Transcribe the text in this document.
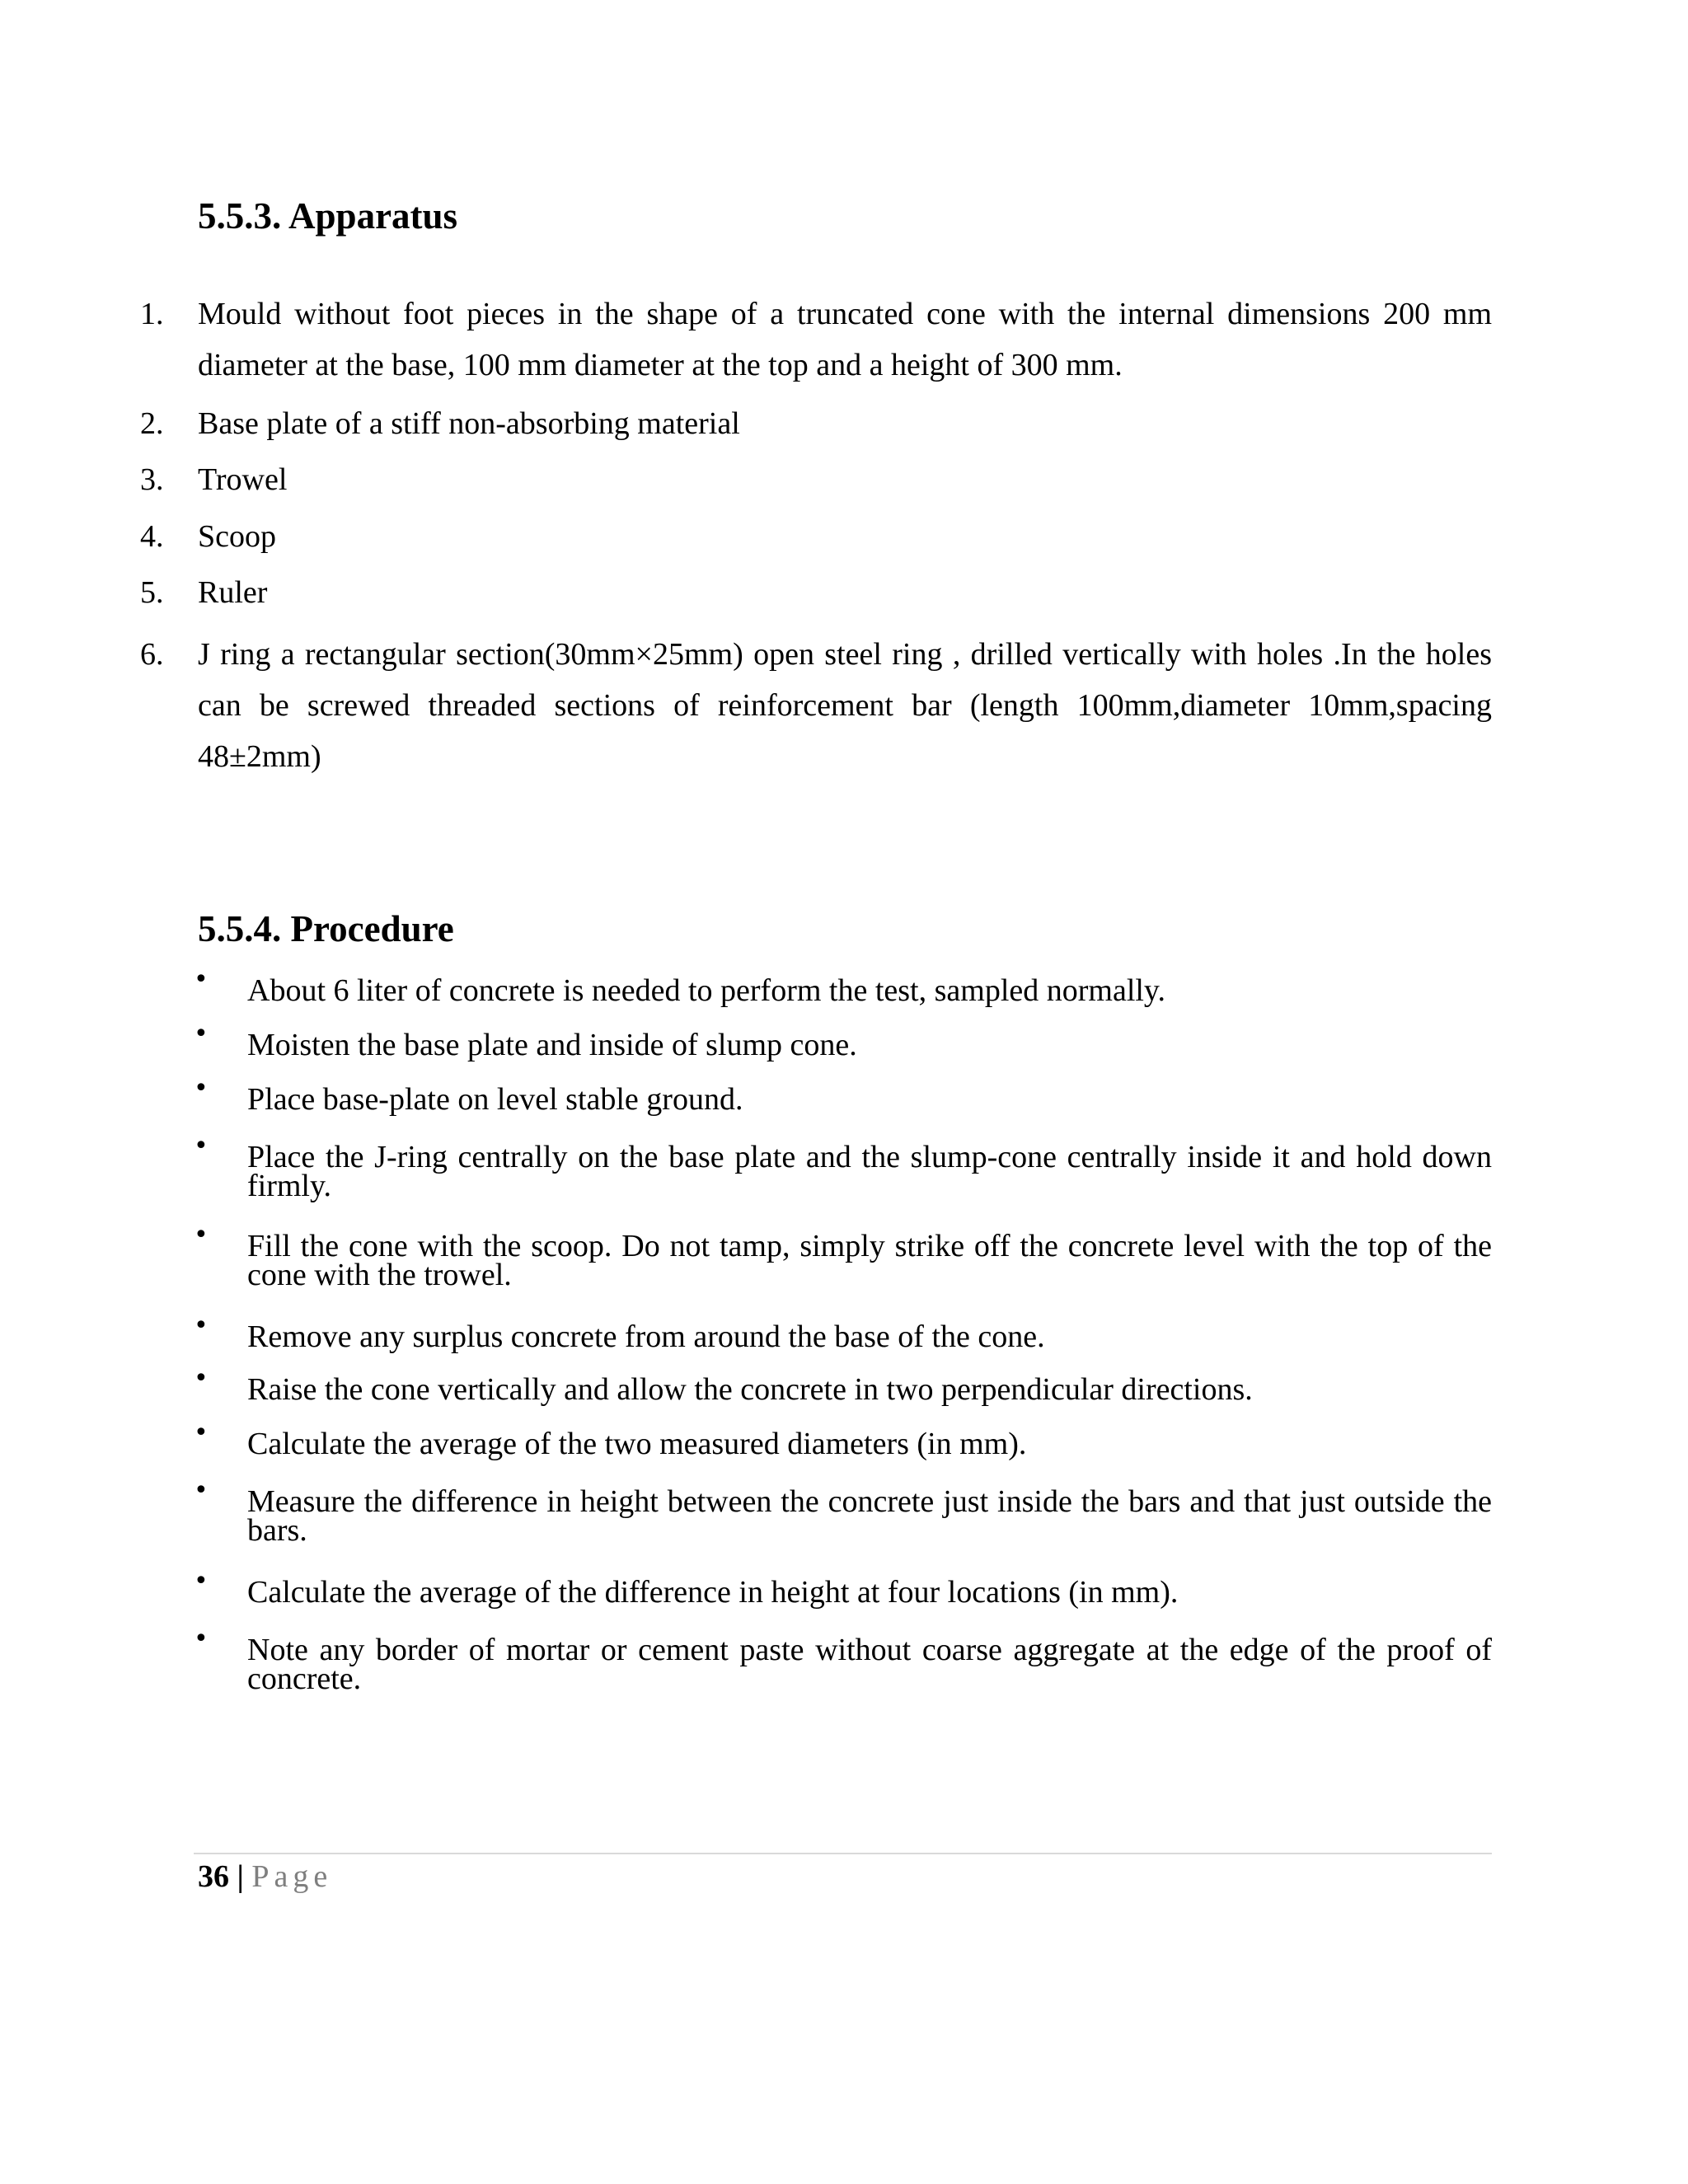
5.5.3. Apparatus
1.	Mould without foot pieces in the shape of a truncated cone with the internal dimensions 200 mm diameter at the base, 100 mm diameter at the top and a height of 300 mm.
2.	Base plate of a stiff non-absorbing material
3.	Trowel
4.	Scoop
5.	Ruler
6.	J ring a rectangular section(30mm×25mm) open steel ring , drilled vertically with holes .In the holes can be screwed threaded sections of reinforcement bar (length 100mm,diameter 10mm,spacing 48±2mm)
5.5.4. Procedure
• About 6 liter of concrete is needed to perform the test, sampled normally.
• Moisten the base plate and inside of slump cone.
• Place base-plate on level stable ground.
• Place the J-ring centrally on the base plate and the slump-cone centrally inside it and hold down firmly.
• Fill the cone with the scoop. Do not tamp, simply strike off the concrete level with the top of the cone with the trowel.
• Remove any surplus concrete from around the base of the cone.
• Raise the cone vertically and allow the concrete in two perpendicular directions.
• Calculate the average of the two measured diameters (in mm).
• Measure the difference in height between the concrete just inside the bars and that just outside the bars.
• Calculate the average of the difference in height at four locations (in mm).
• Note any border of mortar or cement paste without coarse aggregate at the edge of the proof of concrete.
36 | Page
